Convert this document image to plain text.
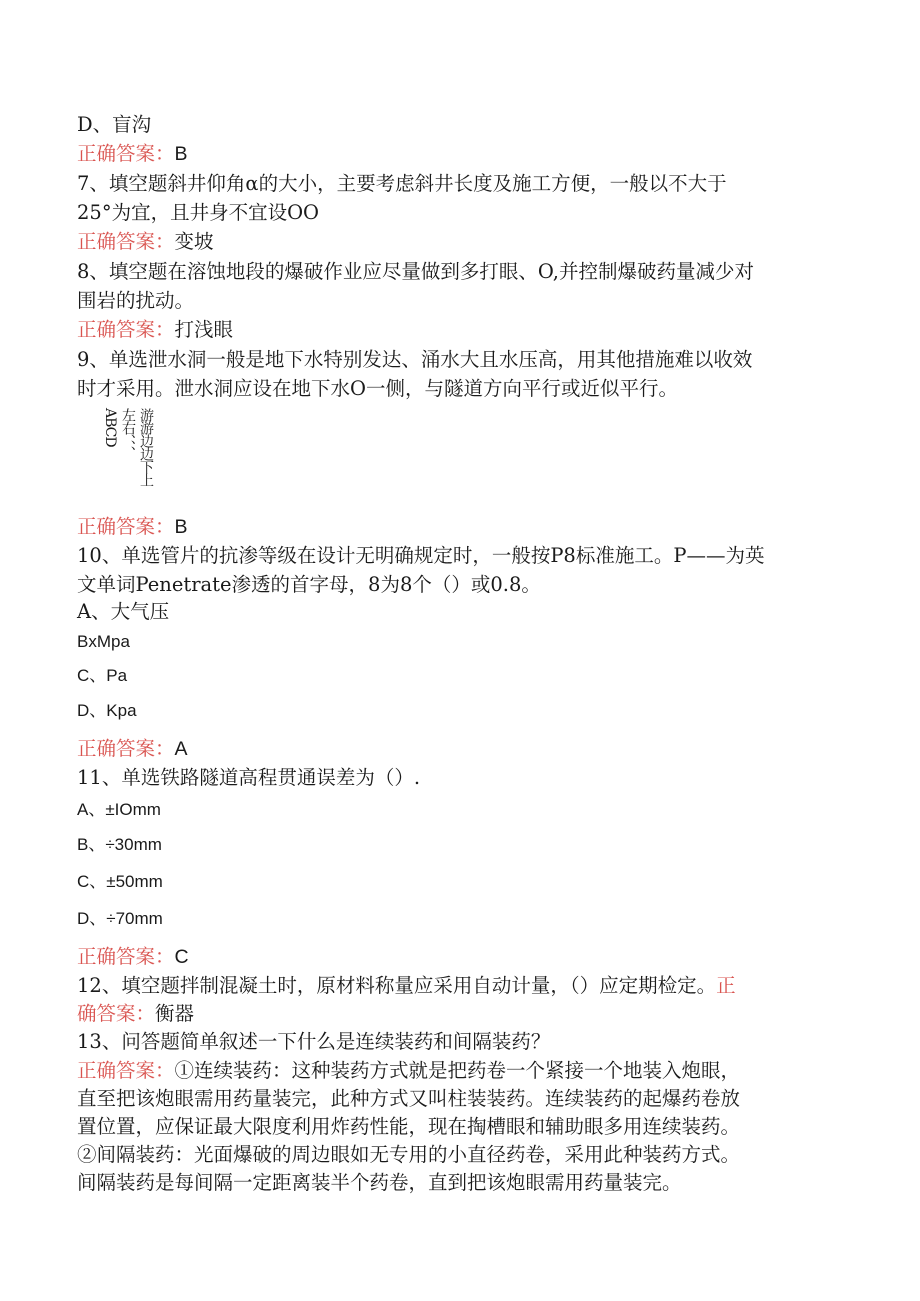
D、盲沟
正确答案：B
7、填空题斜井仰角α的大小，主要考虑斜井长度及施工方便，一般以不大于
25°为宜，且井身不宜设OO
正确答案：变坡
8、填空题在溶蚀地段的爆破作业应尽量做到多打眼、O,并控制爆破药量减少对
围岩的扰动。
正确答案：打浅眼
9、单选泄水洞一般是地下水特别发达、涌水大且水压高，用其他措施难以收效
时才采用。泄水洞应设在地下水O一侧，与隧道方向平行或近似平行。
ABCD 左右、、、 游游边边下上
正确答案：B
10、单选管片的抗渗等级在设计无明确规定时，一般按P8标准施工。P——为英
文单词Penetrate渗透的首字母，8为8个（）或0.8。
A、大气压
BxMpa
C、Pa
D、Kpa
正确答案：A
11、单选铁路隧道高程贯通误差为（）.
A、±IOmm
B、÷30mm
C、±50mm
D、÷70mm
正确答案：C
12、填空题拌制混凝土时，原材料称量应采用自动计量，（）应定期检定。正
确答案：衡器
13、问答题简单叙述一下什么是连续装药和间隔装药？
正确答案：①连续装药：这种装药方式就是把药卷一个紧接一个地装入炮眼，
直至把该炮眼需用药量装完，此种方式又叫柱装装药。连续装药的起爆药卷放
置位置，应保证最大限度利用炸药性能，现在掏槽眼和辅助眼多用连续装药。
②间隔装药：光面爆破的周边眼如无专用的小直径药卷，采用此种装药方式。
间隔装药是每间隔一定距离装半个药卷，直到把该炮眼需用药量装完。
